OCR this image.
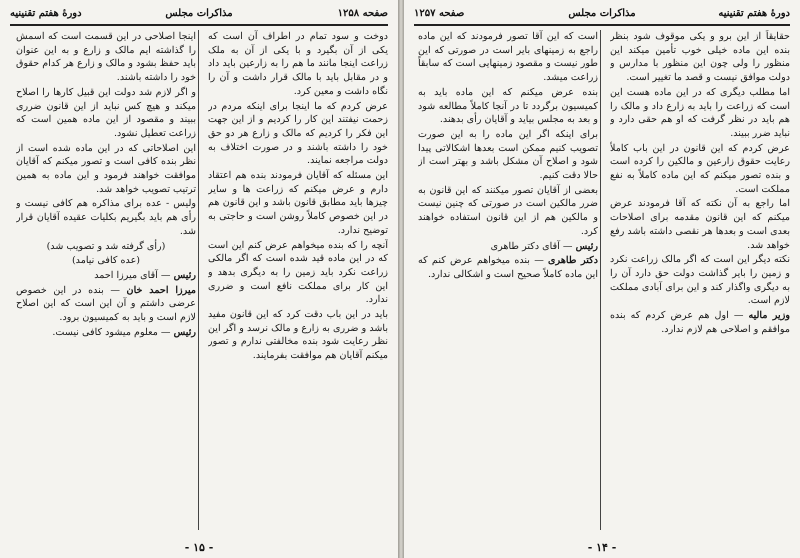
صفحه ۱۲۵۸
مذاکرات مجلس
دورهٔ هفتم تقنینیه

دوخت و سود تمام در اطراف آن است که یکی از آن بگیرد و با یکی از آن به ملک زراعت اینجا مانند ما هم را به زارعین باید داد و در مقابل باید با مالک قرار داشت و آن را نگاه داشت و معین کرد.

عرض کردم که ما اینجا برای اینکه مردم در زحمت نیفتند این کار را کردیم و از این جهت این فکر را کردیم که مالک و زارع هر دو حق خود را داشته باشند و در صورت اختلاف به دولت مراجعه نمایند.

این مسئله که آقایان فرمودند بنده هم اعتقاد دارم و عرض میکنم که زراعت ها و سایر چیزها باید مطابق قانون باشد و این قانون هم در این خصوص کاملاً روشن است و حاجتی به توضیح ندارد.

آنچه را که بنده میخواهم عرض کنم این است که در این ماده قید شده است که اگر مالکی زراعت نکرد باید زمین را به دیگری بدهد و این کار برای مملکت نافع است و ضرری ندارد.

باید در این باب دقت کرد که این قانون مفید باشد و ضرری به زارع و مالک نرسد و اگر این نظر رعایت شود بنده مخالفتی ندارم و تصور میکنم آقایان هم موافقت بفرمایند.

اینجا اصلاحی در این قسمت است که اسمش را گذاشته ایم مالک و زارع و به این عنوان باید حفظ بشود و مالک و زارع هر کدام حقوق خود را داشته باشند.

و اگر لازم شد دولت این قبیل کارها را اصلاح میکند و هیچ کس نباید از این قانون ضرری ببیند و مقصود از این ماده همین است که زراعت تعطیل نشود.

این اصلاحاتی که در این ماده شده است از نظر بنده کافی است و تصور میکنم که آقایان موافقت خواهند فرمود و این ماده به همین ترتیب تصویب خواهد شد.

ولیس - عده برای مذاکره هم کافی نیست و رأی هم باید بگیریم بکلیات عقیده آقایان قرار شد.

(رأی گرفته شد و تصویب شد)

(عده کافی نیامد)

رئیس — آقای میرزا احمد

میرزا احمد خان — بنده در این خصوص عرضی داشتم و آن این است که این اصلاح لازم است و باید به کمیسیون برود.

رئیس — معلوم میشود کافی نیست.

- ۱۵ -
دورهٔ هفتم تقنینیه
مذاکرات مجلس
صفحه ۱۲۵۷

حقایقاً از این برو و یکی موقوف شود بنظر بنده این ماده خیلی خوب تأمین میکند این منظور را ولی چون این منظور با مدارس و دولت موافق نیست و قصد ما تغییر است.

اما مطلب دیگری که در این ماده هست این است که زراعت را باید به زارع داد و مالک را هم باید در نظر گرفت که او هم حقی دارد و نباید ضرر ببیند.

عرض کردم که این قانون در این باب کاملاً رعایت حقوق زارعین و مالکین را کرده است و بنده تصور میکنم که این ماده کاملاً به نفع مملکت است.

اما راجع به آن نکته که آقا فرمودند عرض میکنم که این قانون مقدمه برای اصلاحات بعدی است و بعدها هر نقصی داشته باشد رفع خواهد شد.

نکته دیگر این است که اگر مالک زراعت نکرد و زمین را بایر گذاشت دولت حق دارد آن را به دیگری واگذار کند و این برای آبادی مملکت لازم است.

وزیر مالیه — اول هم عرض کردم که بنده موافقم و اصلاحی هم لازم ندارد.

است که این آقا تصور فرمودند که این ماده راجع به زمینهای بایر است در صورتی که این طور نیست و مقصود زمینهایی است که سابقاً زراعت میشد.

بنده عرض میکنم که این ماده باید به کمیسیون برگردد تا در آنجا کاملاً مطالعه شود و بعد به مجلس بیاید و آقایان رأی بدهند.

برای اینکه اگر این ماده را به این صورت تصویب کنیم ممکن است بعدها اشکالاتی پیدا شود و اصلاح آن مشکل باشد و بهتر است از حالا دقت کنیم.

بعضی از آقایان تصور میکنند که این قانون به ضرر مالکین است در صورتی که چنین نیست و مالکین هم از این قانون استفاده خواهند کرد.

رئیس — آقای دکتر طاهری

دکتر طاهری — بنده میخواهم عرض کنم که این ماده کاملاً صحیح است و اشکالی ندارد.

- ۱۴ -
